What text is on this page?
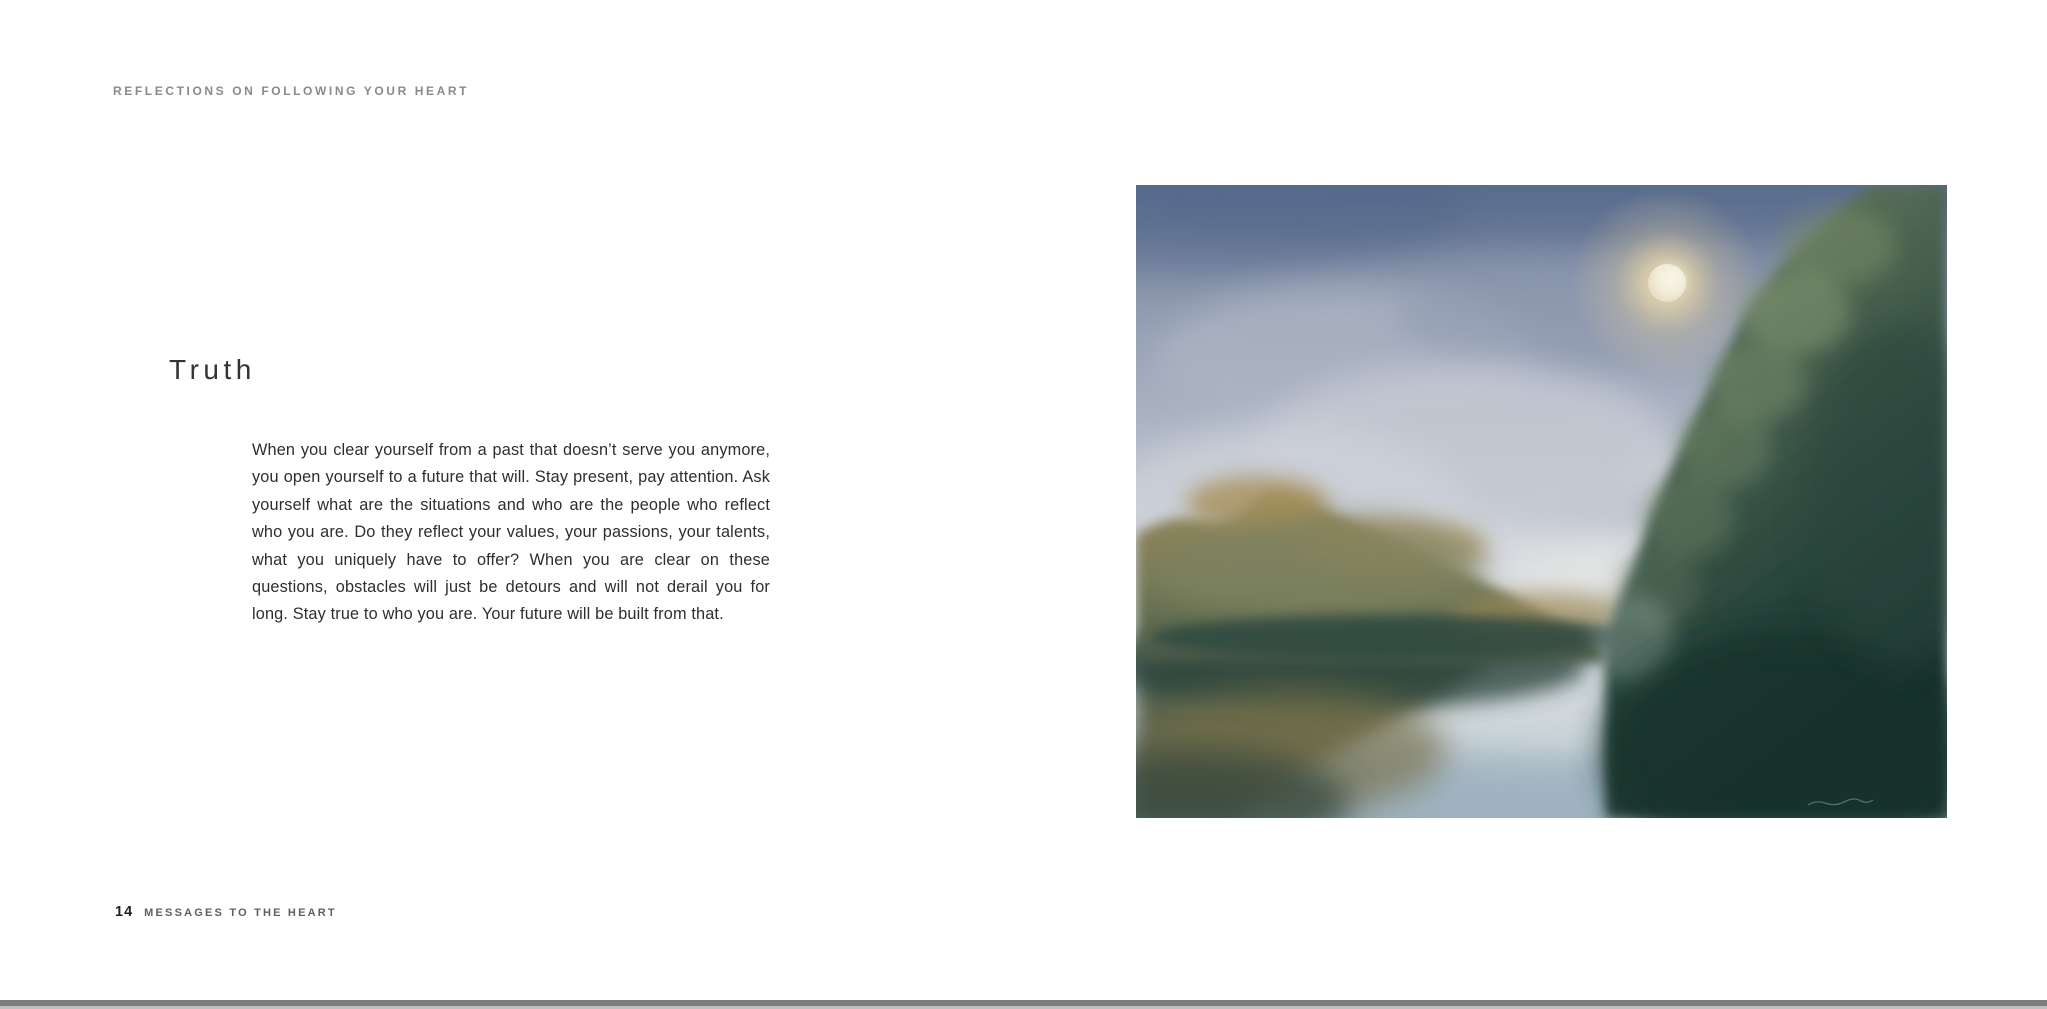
REFLECTIONS ON FOLLOWING YOUR HEART
Truth
When you clear yourself from a past that doesn’t serve you anymore, you open yourself to a future that will. Stay present, pay attention. Ask yourself what are the situations and who are the people who reflect who you are. Do they reflect your values, your passions, your talents, what you uniquely have to offer? When you are clear on these questions, obstacles will just be detours and will not derail you for long. Stay true to who you are. Your future will be built from that.
14 MESSAGES TO THE HEART
